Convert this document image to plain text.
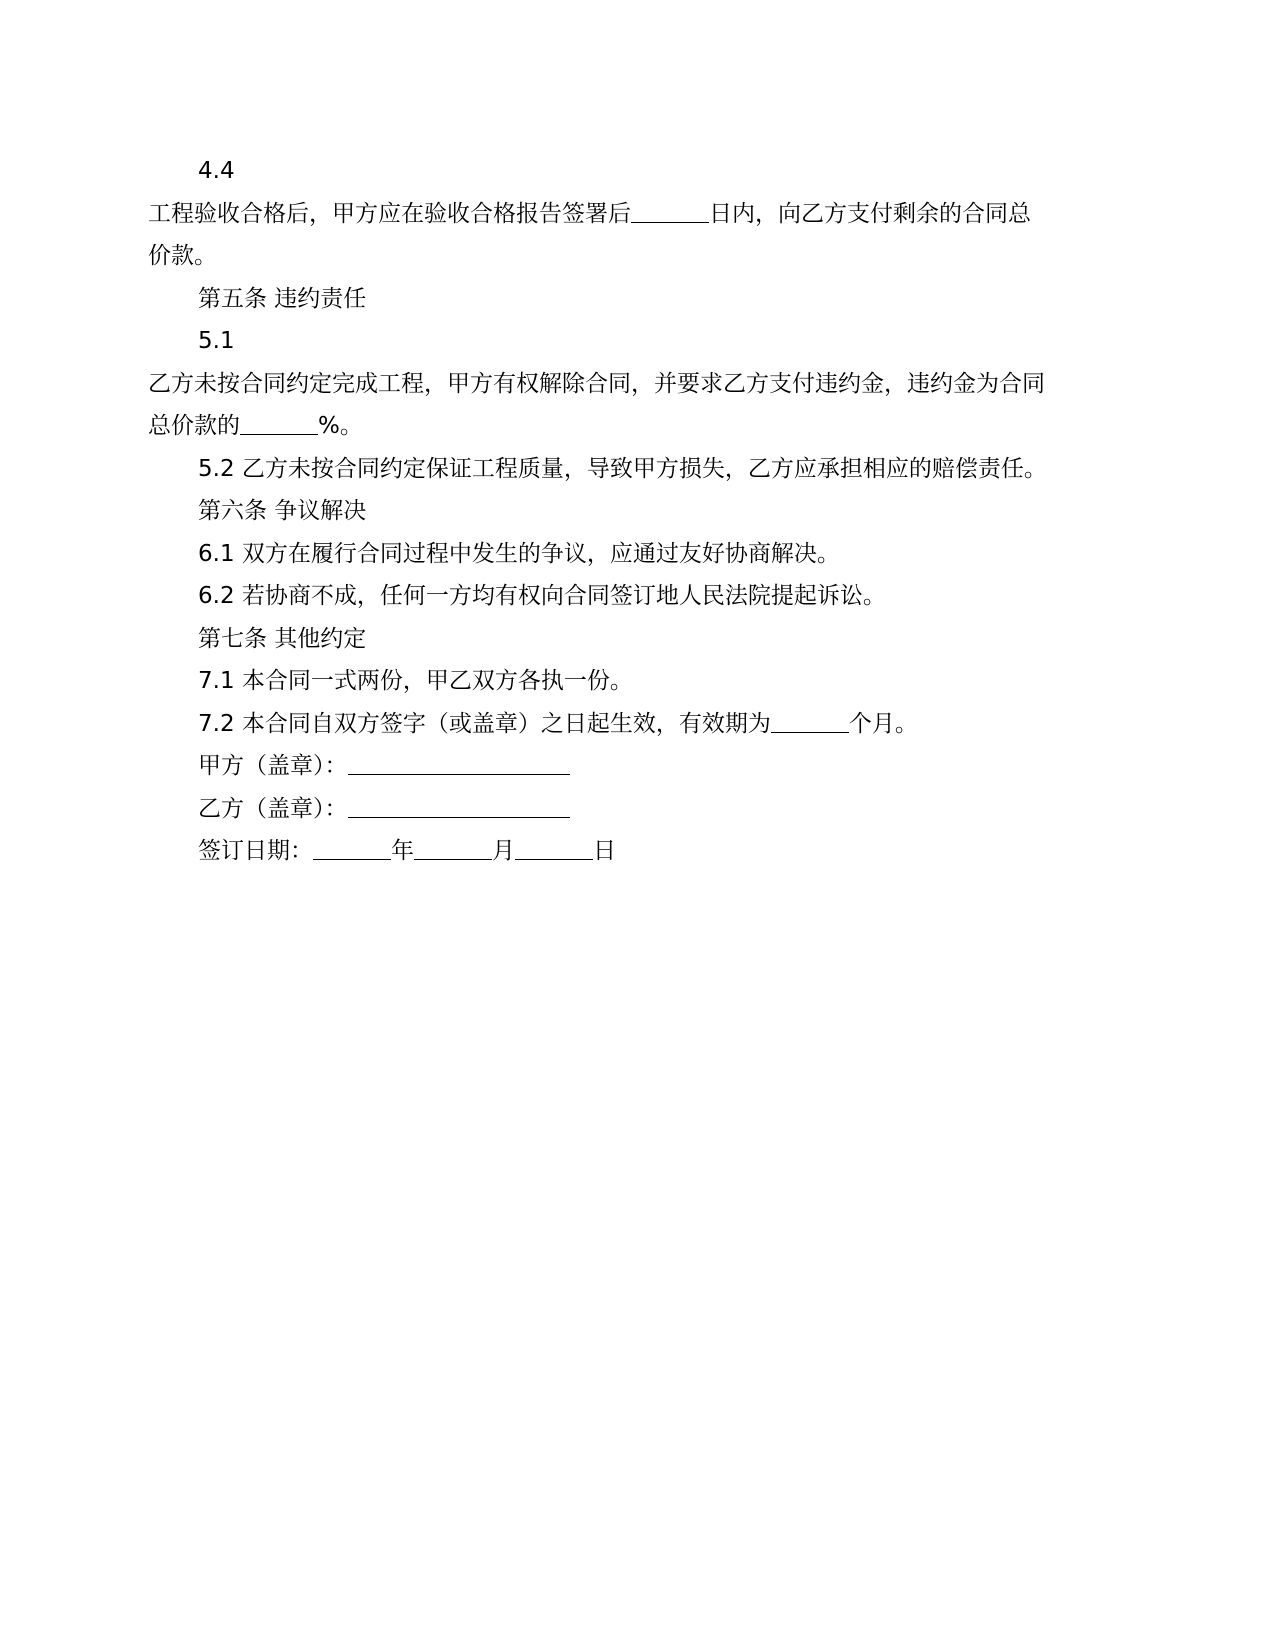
4.4
工程验收合格后，甲方应在验收合格报告签署后	日内，向乙方支付剩余的合同总
价款。
第五条 违约责任
5.1
乙方未按合同约定完成工程，甲方有权解除合同，并要求乙方支付违约金，违约金为合同
总价款的	%。
5.2 乙方未按合同约定保证工程质量，导致甲方损失，乙方应承担相应的赔偿责任。
第六条 争议解决
6.1 双方在履行合同过程中发生的争议，应通过友好协商解决。
6.2 若协商不成，任何一方均有权向合同签订地人民法院提起诉讼。
第七条 其他约定
7.1 本合同一式两份，甲乙双方各执一份。
7.2 本合同自双方签字（或盖章）之日起生效，有效期为	个月。
甲方（盖章）：
乙方（盖章）：
签订日期：	年	月	日
